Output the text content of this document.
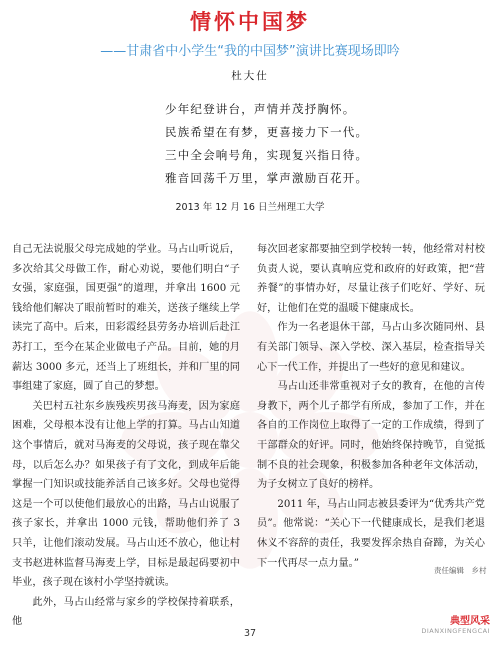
情怀中国梦
——甘肃省中小学生“我的中国梦”演讲比赛现场即吟
杜大仕
少年纪登讲台，声情并茂抒胸怀。
民族希望在有梦，更喜接力下一代。
三中全会响号角，实现复兴指日待。
雅音回荡千万里，掌声激励百花开。
2013 年 12 月 16 日兰州理工大学

自己无法说服父母完成她的学业。马占山听说后，多次给其父母做工作，耐心劝说，要他们明白“子女强，家庭强，国更强”的道理，并拿出 1600 元钱给他们解决了眼前暂时的难关，送孩子继续上学读完了高中。后来，田彩霞经县劳务办培训后赴江苏打工，至今在某企业做电子产品。目前，她的月薪达 3000 多元，还当上了班组长，并和厂里的同事组建了家庭，圆了自己的梦想。

关巴村五社东乡族残疾男孩马海麦，因为家庭困难，父母根本没有让他上学的打算。马占山知道这个事情后，就对马海麦的父母说，孩子现在靠父母，以后怎么办？如果孩子有了文化，到成年后能掌握一门知识或技能养活自己该多好。父母也觉得这是一个可以使他们最放心的出路，马占山说服了孩子家长，并拿出 1000 元钱，帮助他们养了 3 只羊，让他们滚动发展。马占山还不放心，他让村支书赵进林监督马海麦上学，目标是最起码要初中毕业，孩子现在该村小学坚持就读。

此外，马占山经常与家乡的学校保持着联系，他

每次回老家都要抽空到学校转一转，他经常对村校负责人说，要认真响应党和政府的好政策，把“营养餐”的事情办好，尽量让孩子们吃好、学好、玩好，让他们在党的温暖下健康成长。

作为一名老退休干部，马占山多次随同州、县有关部门领导、深入学校、深入基层，检查指导关心下一代工作，并提出了一些好的意见和建议。

马占山还非常重视对子女的教育，在他的言传身教下，两个儿子都学有所成，参加了工作，并在各自的工作岗位上取得了一定的工作成绩，得到了干部群众的好评。同时，他始终保持晚节，自觉抵制不良的社会现象，积极参加各种老年文体活动，为子女树立了良好的榜样。

2011 年，马占山同志被县委评为“优秀共产党员”。他常说：“关心下一代健康成长，是我们老退休义不容辞的责任，我要发挥余热自奋蹄，为关心下一代再尽一点力量。”

责任编辑　乡村
37
典型风采
DIANXINGFENGCAI
